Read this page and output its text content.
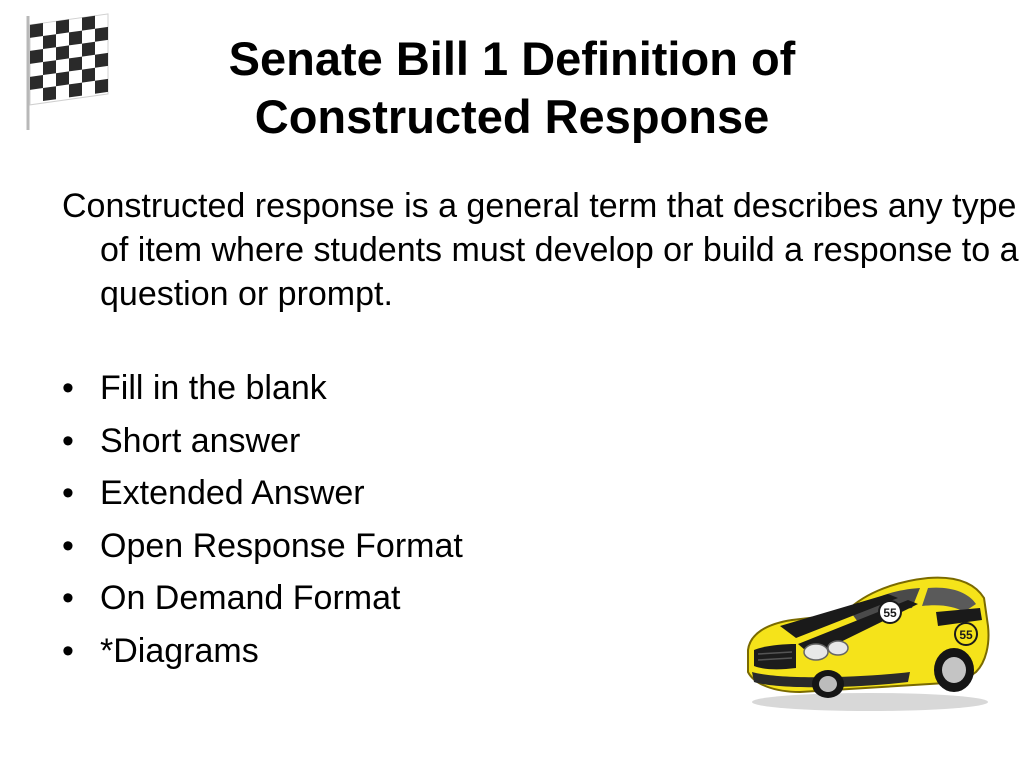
Senate Bill 1 Definition of
Constructed Response

Constructed response is a general term that describes any type of item where students must develop or build a response to a question or prompt.

• Fill in the blank
• Short answer
• Extended Answer
• Open Response Format
• On Demand Format
• *Diagrams
55
55
